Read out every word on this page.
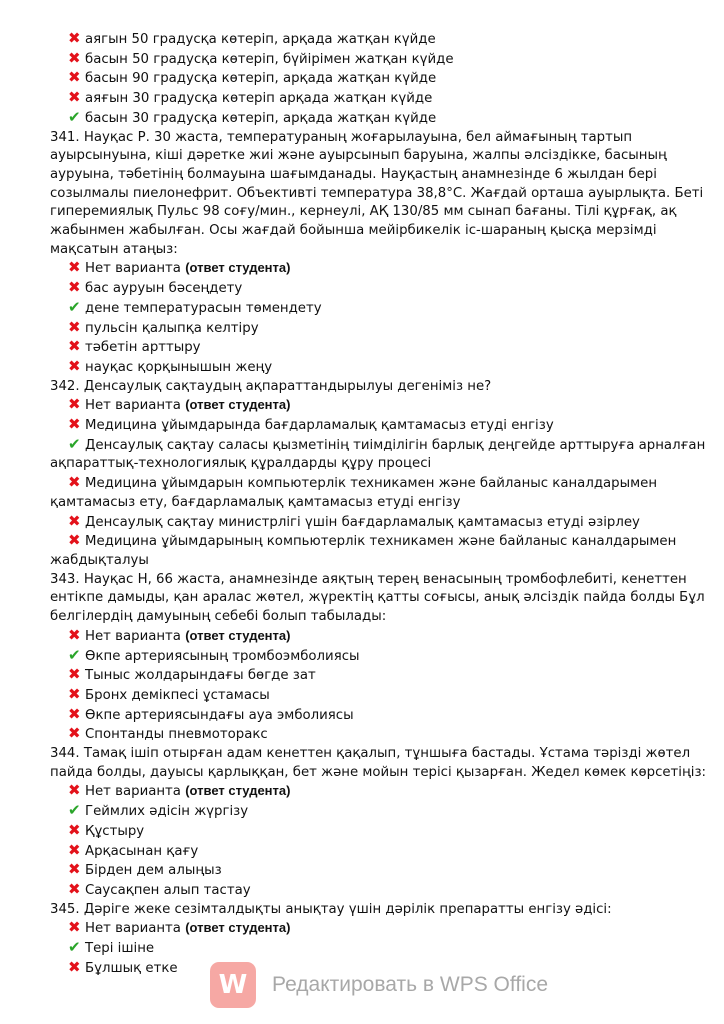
✖ аягын 50 градусқа көтеріп, арқада жатқан күйде
✖ басын 50 градусқа көтеріп, бүйірімен жатқан күйде
✖ басын 90 градусқа көтеріп, арқада жатқан күйде
✖ аяғын 30 градусқа көтеріп арқада жатқан күйде
✔ басын 30 градусқа көтеріп, арқада жатқан күйде
341. Науқас Р. 30 жаста, температураның жоғарылауына, бел аймағының тартып
ауырсынуына, кіші дәретке жиі және ауырсынып баруына, жалпы әлсіздікке, басының
ауруына, тәбетінің болмауына шағымданады. Науқастың анамнезінде 6 жылдан бері
созылмалы пиелонефрит. Объективті температура 38,8°С. Жағдай орташа ауырлықта. Беті
гиперемиялық Пульс 98 соғу/мин., кернеулі, АҚ 130/85 мм сынап бағаны. Тілі құрғақ, ақ
жабынмен жабылған. Осы жағдай бойынша мейірбикелік іс-шараның қысқа мерзімді
мақсатын атаңыз:
✖ Нет варианта (ответ студента)
✖ бас ауруын бәсеңдету
✔ дене температурасын төмендету
✖ пульсін қалыпқа келтіру
✖ тәбетін арттыру
✖ науқас қорқынышын жеңу
342. Денсаулық сақтаудың ақпараттандырылуы дегеніміз не?
✖ Нет варианта (ответ студента)
✖ Медицина ұйымдарында бағдарламалық қамтамасыз етуді енгізу
✔ Денсаулық сақтау саласы қызметінің тиімділігін барлық деңгейде арттыруға арналған
ақпараттық-технологиялық құралдарды құру процесі
✖ Медицина ұйымдарын компьютерлік техникамен және байланыс каналдарымен
қамтамасыз ету, бағдарламалық қамтамасыз етуді енгізу
✖ Денсаулық сақтау министрлігі үшін бағдарламалық қамтамасыз етуді әзірлеу
✖ Медицина ұйымдарының компьютерлік техникамен және байланыс каналдарымен
жабдықталуы
343. Науқас Н, 66 жаста, анамнезінде аяқтың терең венасының тромбофлебиті, кенеттен
ентікпе дамыды, қан аралас жөтел, жүректің қатты соғысы, анық әлсіздік пайда болды Бұл
белгілердің дамуының себебі болып табылады:
✖ Нет варианта (ответ студента)
✔ Өкпе артериясының тромбоэмболиясы
✖ Тыныс жолдарындағы бөгде зат
✖ Бронх демікпесі ұстамасы
✖ Өкпе артериясындағы ауа эмболиясы
✖ Спонтанды пневмоторакс
344. Тамақ ішіп отырған адам кенеттен қақалып, тұншыға бастады. Ұстама тәрізді жөтел
пайда болды, дауысы қарлыққан, бет және мойын терісі қызарған. Жедел көмек көрсетіңіз:
✖ Нет варианта (ответ студента)
✔ Геймлих әдісін жүргізу
✖ Құстыру
✖ Арқасынан қағу
✖ Бірден дем алыңыз
✖ Саусақпен алып тастау
345. Дәріге жеке сезімталдықты анықтау үшін дәрілік препаратты енгізу әдісі:
✖ Нет варианта (ответ студента)
✔ Тері ішіне
✖ Бұлшық етке
W	Редактировать в WPS Office
